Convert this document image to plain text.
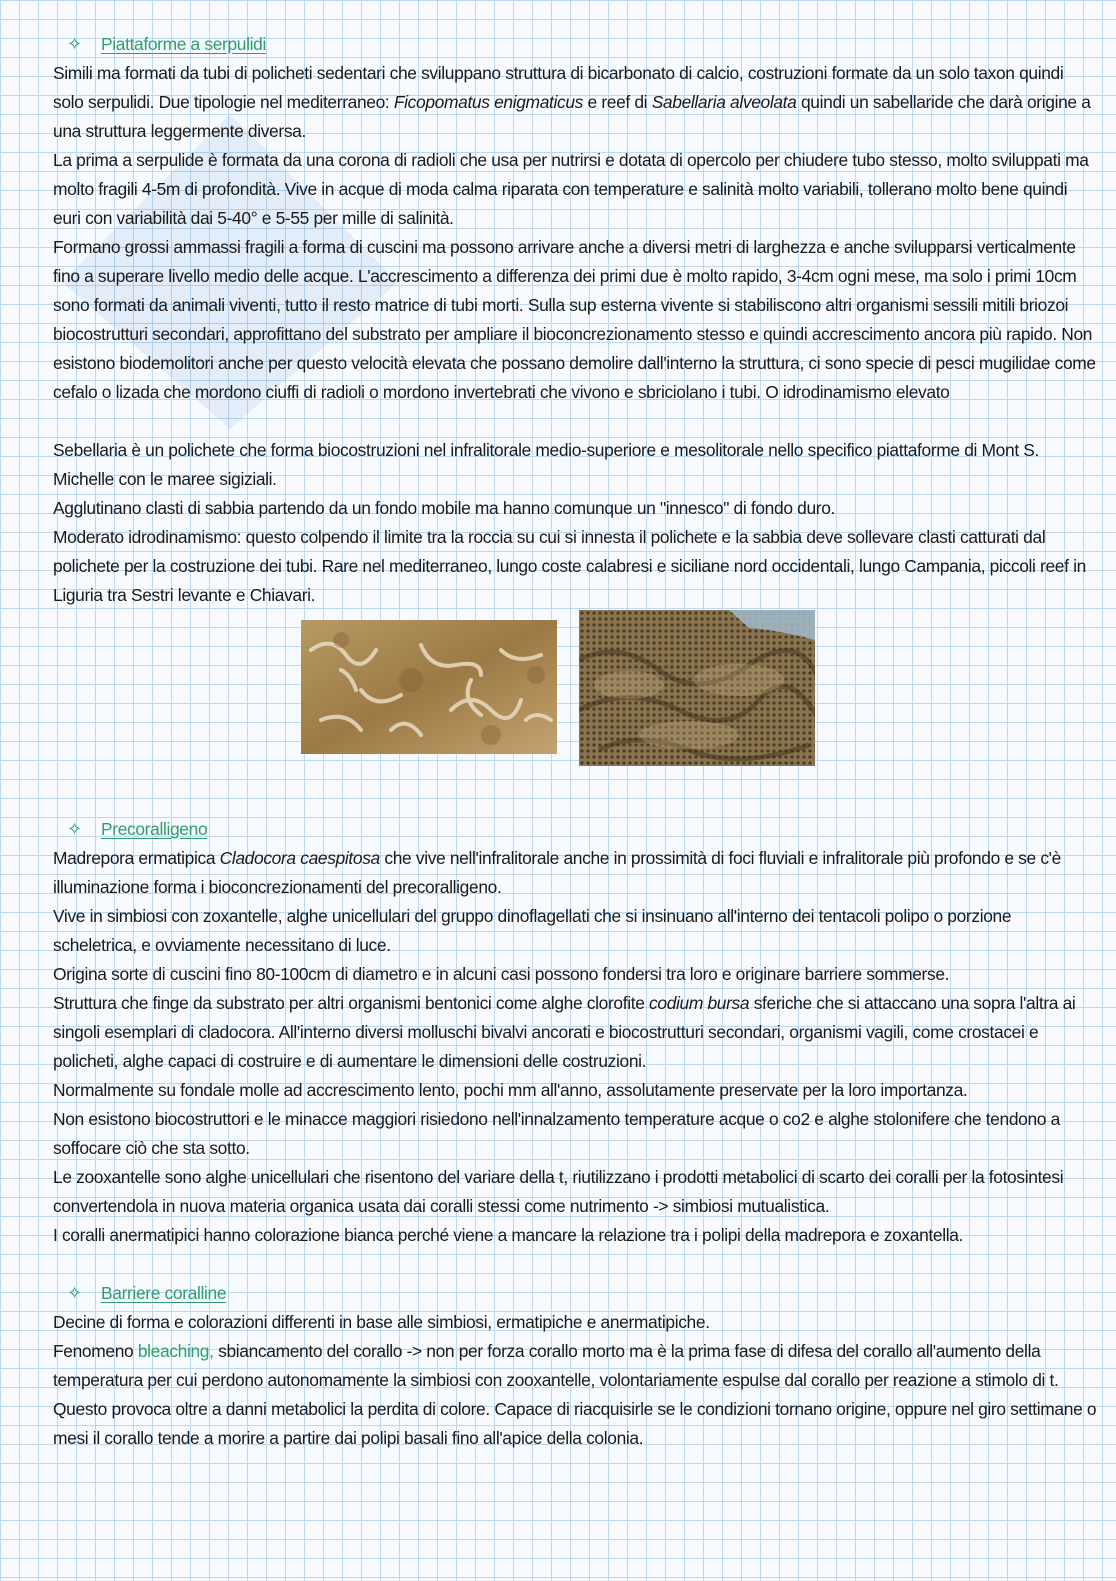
✧ Piattaforme a serpulidi

Simili ma formati da tubi di policheti sedentari che sviluppano struttura di bicarbonato di calcio, costruzioni formate da un solo taxon quindi solo serpulidi. Due tipologie nel mediterraneo: Ficopomatus enigmaticus e reef di Sabellaria alveolata quindi un sabellaride che darà origine a una struttura leggermente diversa.

La prima a serpulide è formata da una corona di radioli che usa per nutrirsi e dotata di opercolo per chiudere tubo stesso, molto sviluppati ma molto fragili 4-5m di profondità. Vive in acque di moda calma riparata con temperature e salinità molto variabili, tollerano molto bene quindi euri con variabilità dai 5-40° e 5-55 per mille di salinità.

Formano grossi ammassi fragili a forma di cuscini ma possono arrivare anche a diversi metri di larghezza e anche svilupparsi verticalmente fino a superare livello medio delle acque. L'accrescimento a differenza dei primi due è molto rapido, 3-4cm ogni mese, ma solo i primi 10cm sono formati da animali viventi, tutto il resto matrice di tubi morti. Sulla sup esterna vivente si stabiliscono altri organismi sessili mitili briozoi biocostrutturi secondari, approfittano del substrato per ampliare il bioconcrezionamento stesso e quindi accrescimento ancora più rapido. Non esistono biodemolitori anche per questo velocità elevata che possano demolire dall'interno la struttura, ci sono specie di pesci mugilidae come cefalo o lizada che mordono ciuffi di radioli o mordono invertebrati che vivono e sbriciolano i tubi. O idrodinamismo elevato

Sebellaria è un polichete che forma biocostruzioni nel infralitorale medio-superiore e mesolitorale nello specifico piattaforme di Mont S. Michelle con le maree sigiziali.

Agglutinano clasti di sabbia partendo da un fondo mobile ma hanno comunque un "innesco" di fondo duro.

Moderato idrodinamismo: questo colpendo il limite tra la roccia su cui si innesta il polichete e la sabbia deve sollevare clasti catturati dal polichete per la costruzione dei tubi. Rare nel mediterraneo, lungo coste calabresi e siciliane nord occidentali, lungo Campania, piccoli reef in Liguria tra Sestri levante e Chiavari.

✧ Precoralligeno

Madrepora ermatipica Cladocora caespitosa che vive nell'infralitorale anche in prossimità di foci fluviali e infralitorale più profondo e se c'è illuminazione forma i bioconcrezionamenti del precoralligeno.

Vive in simbiosi con zoxantelle, alghe unicellulari del gruppo dinoflagellati che si insinuano all'interno dei tentacoli polipo o porzione scheletrica, e ovviamente necessitano di luce.

Origina sorte di cuscini fino 80-100cm di diametro e in alcuni casi possono fondersi tra loro e originare barriere sommerse.

Struttura che finge da substrato per altri organismi bentonici come alghe clorofite codium bursa sferiche che si attaccano una sopra l'altra ai singoli esemplari di cladocora. All'interno diversi molluschi bivalvi ancorati e biocostrutturi secondari, organismi vagili, come crostacei e policheti, alghe capaci di costruire e di aumentare le dimensioni delle costruzioni.

Normalmente su fondale molle ad accrescimento lento, pochi mm all'anno, assolutamente preservate per la loro importanza.

Non esistono biocostruttori e le minacce maggiori risiedono nell'innalzamento temperature acque o co2 e alghe stolonifere che tendono a soffocare ciò che sta sotto.

Le zooxantelle sono alghe unicellulari che risentono del variare della t, riutilizzano i prodotti metabolici di scarto dei coralli per la fotosintesi convertendola in nuova materia organica usata dai coralli stessi come nutrimento -> simbiosi mutualistica.

I coralli anermatipici hanno colorazione bianca perché viene a mancare la relazione tra i polipi della madrepora e zoxantella.

✧ Barriere coralline

Decine di forma e colorazioni differenti in base alle simbiosi, ermatipiche e anermatipiche.

Fenomeno bleaching, sbiancamento del corallo -> non per forza corallo morto ma è la prima fase di difesa del corallo all'aumento della temperatura per cui perdono autonomamente la simbiosi con zooxantelle, volontariamente espulse dal corallo per reazione a stimolo di t. Questo provoca oltre a danni metabolici la perdita di colore. Capace di riacquisirle se le condizioni tornano origine, oppure nel giro settimane o mesi il corallo tende a morire a partire dai polipi basali fino all'apice della colonia.
